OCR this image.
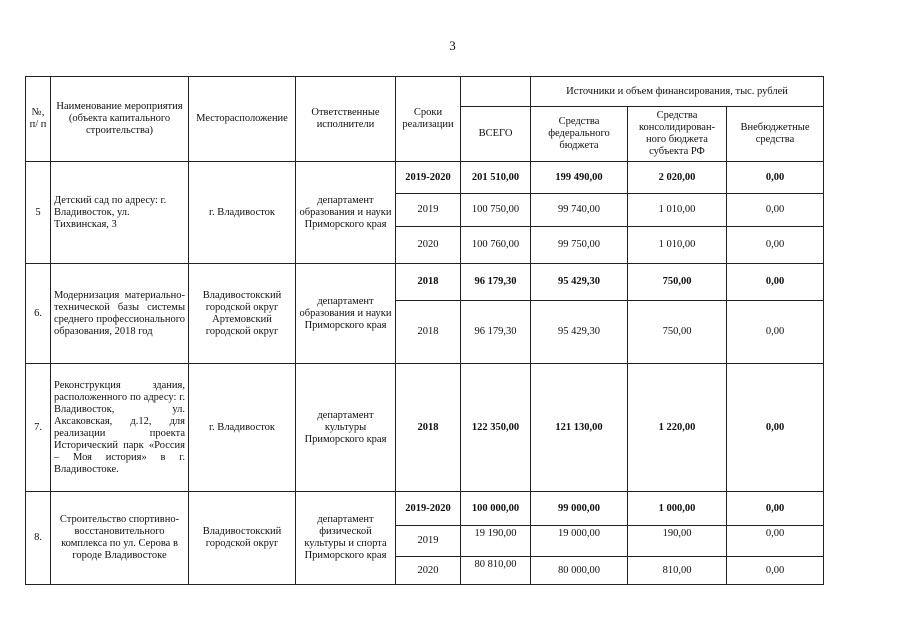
3
№, п/ п	Наименование мероприятия (объекта капитального строительства)	Месторасположение	Ответственные исполнители	Сроки реализации		Источники и объем финансирования, тыс. рублей		
					ВСЕГО	Средства федерального бюджета	Средства консолидирован- ного бюджета субъекта РФ	Внебюджетные средства
5	Детский сад по адресу: г. Владивосток, ул. Тихвинская, 3	г. Владивосток	департамент образования и науки Приморского края	2019-2020	201 510,00	199 490,00	2 020,00	0,00
				2019	100 750,00	99 740,00	1 010,00	0,00
				2020	100 760,00	99 750,00	1 010,00	0,00
6.	Модернизация материально-технической базы системы среднего профессионального образования, 2018 год	Владивостокский городской округ Артемовский городской округ	департамент образования и науки Приморского края	2018	96 179,30	95 429,30	750,00	0,00
				2018	96 179,30	95 429,30	750,00	0,00
7.	Реконструкция здания, расположенного по адресу: г. Владивосток, ул. Аксаковская, д.12, для реализации проекта Исторический парк «Россия – Моя история» в г. Владивостоке.	г. Владивосток	департамент культуры Приморского края	2018	122 350,00	121 130,00	1 220,00	0,00
8.	Строительство спортивно-восстановительного комплекса по ул. Серова в городе Владивостоке	Владивостокский городской округ	департамент физической культуры и спорта Приморского края	2019-2020	100 000,00	99 000,00	1 000,00	0,00
				2019	19 190,00	19 000,00	190,00	0,00
				2020	80 810,00	80 000,00	810,00	0,00
